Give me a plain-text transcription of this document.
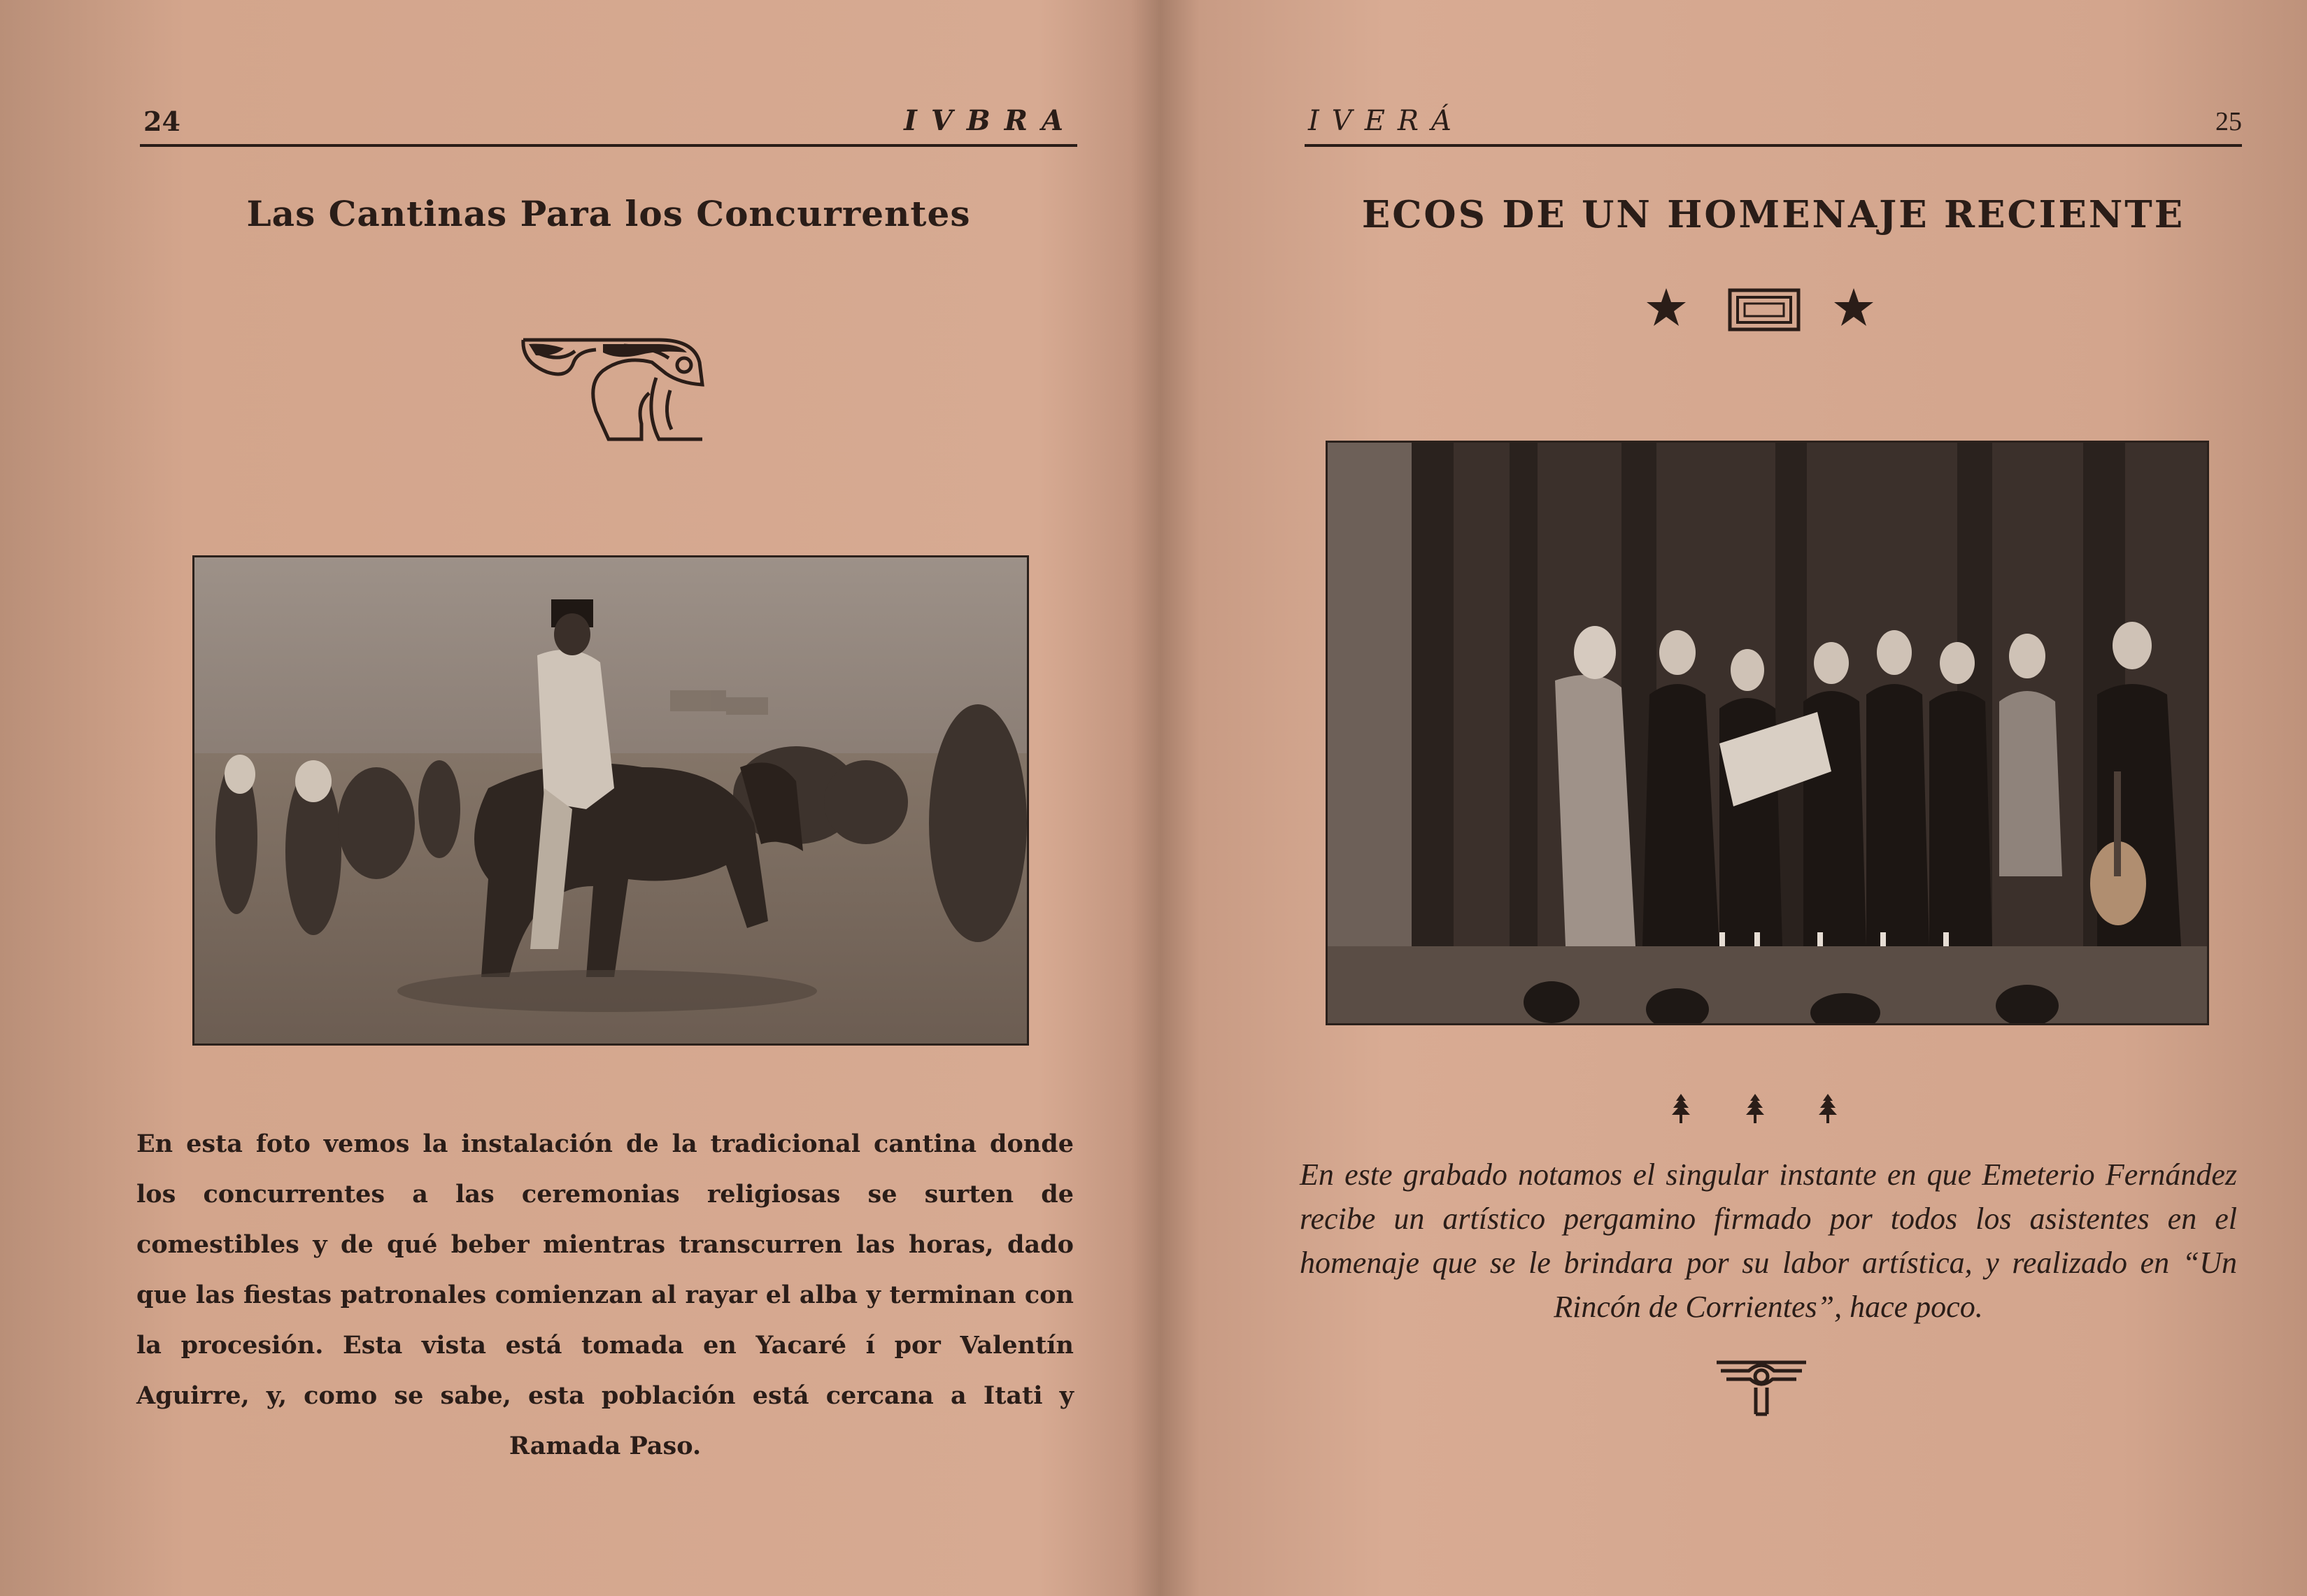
24	IVBRA
Las Cantinas Para los Concurrentes

En esta foto vemos la instalación de la tradicional cantina donde los concurrentes a las ceremonias religiosas se surten de comestibles y de qué beber mientras transcurren las horas, dado que las fiestas patronales comienzan al rayar el alba y terminan con la procesión. Esta vista está tomada en Yacaré í por Valentín Aguirre, y, como se sabe, esta población está cercana a Itati y Ramada Paso.

IVERÁ	25
ECOS DE UN HOMENAJE RECIENTE

En este grabado notamos el singular instante en que Emeterio Fernández recibe un artístico pergamino firmado por todos los asistentes en el homenaje que se le brindara por su labor artística, y realizado en “Un Rincón de Corrientes”, hace poco.
